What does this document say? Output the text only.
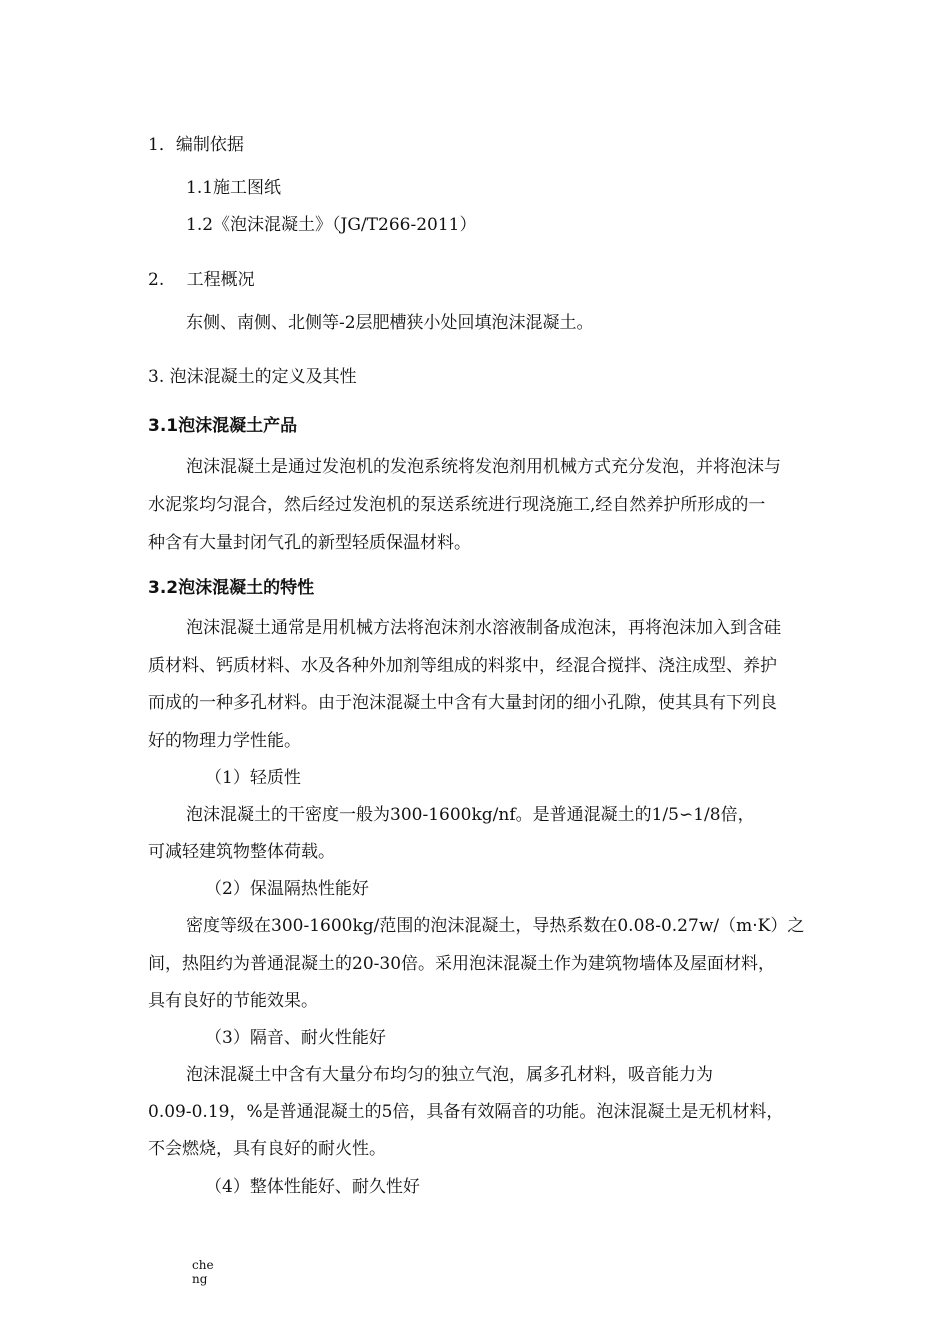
1．编制依据
1.1施工图纸
1.2《泡沫混凝土》（JG/T266-2011）
2.　 工程概况
东侧、南侧、北侧等-2层肥槽狭小处回填泡沫混凝土。
3. 泡沫混凝土的定义及其性
3.1泡沫混凝土产品
泡沫混凝土是通过发泡机的发泡系统将发泡剂用机械方式充分发泡，并将泡沫与
水泥浆均匀混合，然后经过发泡机的泵送系统进行现浇施工,经自然养护所形成的一
种含有大量封闭气孔的新型轻质保温材料。
3.2泡沫混凝土的特性
泡沫混凝土通常是用机械方法将泡沫剂水溶液制备成泡沫，再将泡沫加入到含硅
质材料、钙质材料、水及各种外加剂等组成的料浆中，经混合搅拌、浇注成型、养护
而成的一种多孔材料。由于泡沫混凝土中含有大量封闭的细小孔隙，使其具有下列良
好的物理力学性能。
（1）轻质性
泡沫混凝土的干密度一般为300-1600kg/nf。是普通混凝土的1/5∽1/8倍，
可减轻建筑物整体荷载。
（2）保温隔热性能好
密度等级在300-1600kg/范围的泡沫混凝土，导热系数在0.08-0.27w/（m·K）之
间，热阻约为普通混凝土的20-30倍。采用泡沫混凝土作为建筑物墙体及屋面材料，
具有良好的节能效果。
（3）隔音、耐火性能好
泡沫混凝土中含有大量分布均匀的独立气泡，属多孔材料，吸音能力为
0.09-0.19，%是普通混凝土的5倍，具备有效隔音的功能。泡沫混凝土是无机材料，
不会燃烧，具有良好的耐火性。
（4）整体性能好、耐久性好
che
ng
